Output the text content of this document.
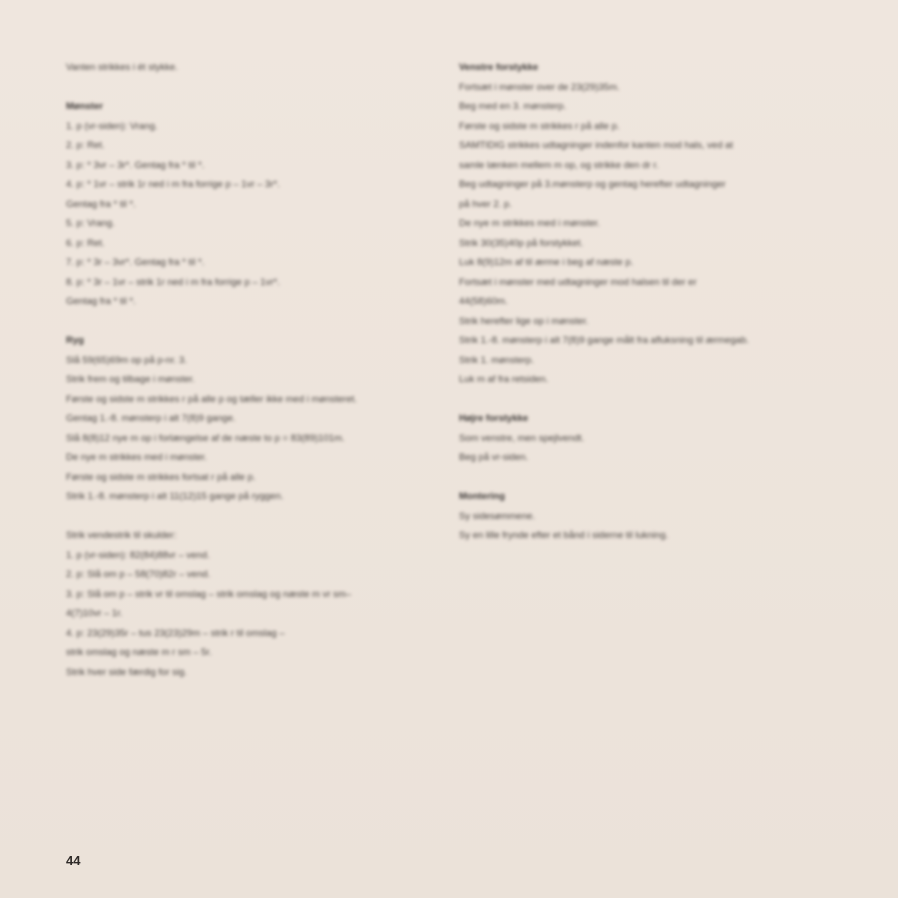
Vanten strikkes i ét stykke.
Mønster
1. p (vr-siden): Vrang.
2. p: Ret.
3. p: * 3vr – 3r*. Gentag fra * til *.
4. p: * 1vr – strik 1r ned i m fra forrige p – 1vr – 3r*.
Gentag fra * til *.
5. p: Vrang.
6. p: Ret.
7. p: * 3r – 3vr*. Gentag fra * til *.
8. p: * 3r – 1vr – strik 1r ned i m fra forrige p – 1vr*.
Gentag fra * til *.
Ryg
Slå 59(65)69m op på p-nr. 3.
Strik frem og tilbage i mønster.
Første og sidste m strikkes r på alle p og tæller ikke med i mønsteret.
Gentag 1.-8. mønsterp i alt 7(8)9 gange.
Slå 8(8)12 nye m op i forlængelse af de næste to p = 83(89)101m.
De nye m strikkes med i mønster.
Første og sidste m strikkes fortsat r på alle p.
Strik 1.-8. mønsterp i alt 11(12)15 gange på ryggen.
Strik vendestrik til skulder:
1. p (vr-siden): 82(84)88vr – vend.
2. p: Slå om p – 58(70)82r – vend.
3. p: Slå om p – strik vr til omslag – strik omslag og næste m vr sm–
4(7)10vr – 1r.
4. p: 23(29)35r – tus 23(23)29m – strik r til omslag –
strik omslag og næste m r sm – 5r.
Strik hver side færdig for sig.
Venstre forstykke
Fortsæt i mønster over de 23(29)35m.
Beg med en 3. mønsterp.
Første og sidste m strikkes r på alle p.
SAMTIDIG strikkes udtagninger indenfor kanten mod hals, ved at
samle lænken mellem m op, og strikke den dr r.
Beg udtagninger på 3.mønsterp og gentag herefter udtagninger
på hver 2. p.
De nye m strikkes med i mønster.
Strik 30(35)40p på forstykket.
Luk 8(9)12m af til ærme i beg af næste p.
Fortsæt i mønster med udtagninger mod halsen til der er
44(58)60m.
Strik herefter lige op i mønster.
Strik 1.-8. mønsterp i alt 7(8)9 gange målt fra afluksning til ærmegab.
Strik 1. mønsterp.
Luk m af fra retsiden.
Højre forstykke
Som venstre, men spejlvendt.
Beg på vr-siden.
Montering
Sy sidesømmene.
Sy en lille frynde efter et bånd i siderne til lukning.
44
